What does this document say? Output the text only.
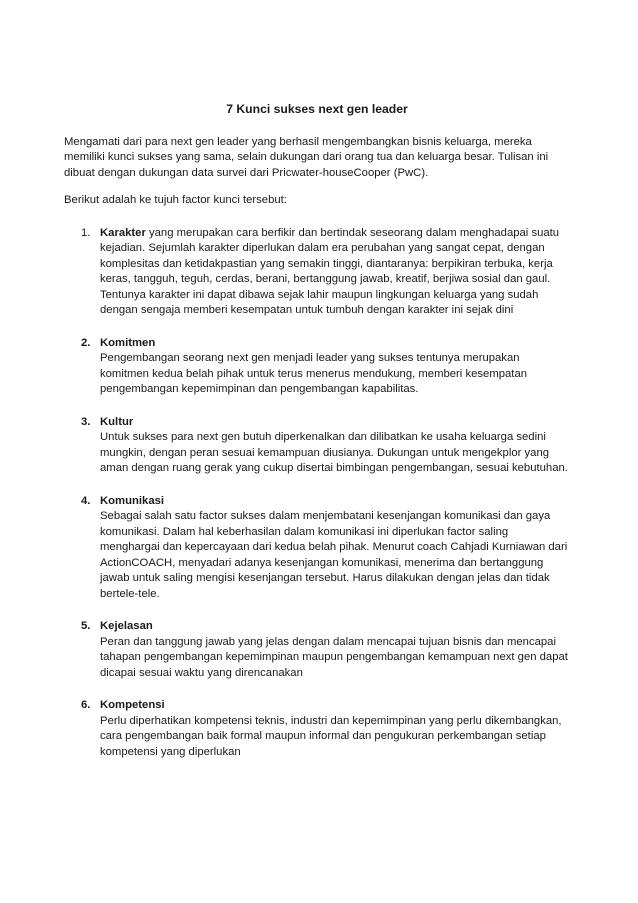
7 Kunci sukses next gen leader

Mengamati dari para next gen leader yang berhasil mengembangkan bisnis keluarga, mereka memiliki kunci sukses yang sama, selain dukungan dari orang tua dan keluarga besar. Tulisan ini dibuat dengan dukungan data survei dari Pricwater-houseCooper (PwC).

Berikut adalah ke tujuh factor kunci tersebut:

1. Karakter yang merupakan cara berfikir dan bertindak seseorang dalam menghadapai suatu kejadian. Sejumlah karakter diperlukan dalam era perubahan yang sangat cepat, dengan komplesitas dan ketidakpastian yang semakin tinggi, diantaranya: berpikiran terbuka, kerja keras, tangguh, teguh, cerdas, berani, bertanggung jawab, kreatif, berjiwa sosial dan gaul. Tentunya karakter ini dapat dibawa sejak lahir maupun lingkungan keluarga yang sudah dengan sengaja memberi kesempatan untuk tumbuh dengan karakter ini sejak dini
2. Komitmen
Pengembangan seorang next gen menjadi leader yang sukses tentunya merupakan komitmen kedua belah pihak untuk terus menerus mendukung, memberi kesempatan pengembangan kepemimpinan dan pengembangan kapabilitas.
3. Kultur
Untuk sukses para next gen butuh diperkenalkan dan dilibatkan ke usaha keluarga sedini mungkin, dengan peran sesuai kemampuan diusianya. Dukungan untuk mengekplor yang aman dengan ruang gerak yang cukup disertai bimbingan pengembangan, sesuai kebutuhan.
4. Komunikasi
Sebagai salah satu factor sukses dalam menjembatani kesenjangan komunikasi dan gaya komunikasi. Dalam hal keberhasilan dalam komunikasi ini diperlukan factor saling menghargai dan kepercayaan dari kedua belah pihak. Menurut coach Cahjadi Kurniawan dari ActionCOACH, menyadari adanya kesenjangan komunikasi, menerima dan bertanggung jawab untuk saling mengisi kesenjangan tersebut. Harus dilakukan dengan jelas dan tidak bertele-tele.
5. Kejelasan
Peran dan tanggung jawab yang jelas dengan dalam mencapai tujuan bisnis dan mencapai tahapan pengembangan kepemimpinan maupun pengembangan kemampuan next gen dapat dicapai sesuai waktu yang direncanakan
6. Kompetensi
Perlu diperhatikan kompetensi teknis, industri dan kepemimpinan yang perlu dikembangkan, cara pengembangan baik formal maupun informal dan pengukuran perkembangan setiap kompetensi yang diperlukan
